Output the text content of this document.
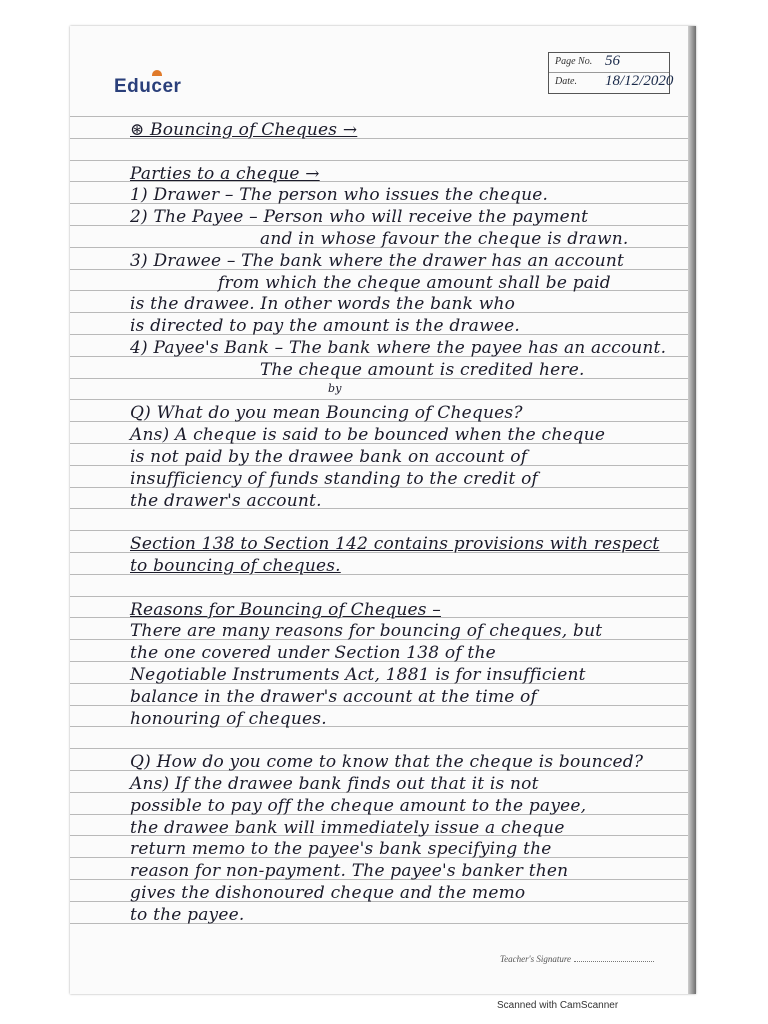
Educer
Page No. 56
Date. 18/12/2020
Teacher's Signature
⊛ Bouncing of Cheques →
Parties to a cheque →
1) Drawer – The person who issues the cheque.
2) The Payee – Person who will receive the payment
and in whose favour the cheque is drawn.
3) Drawee – The bank where the drawer has an account
from which the cheque amount shall be paid
is the drawee. In other words the bank who
is directed to pay the amount is the drawee.
4) Payee's Bank – The bank where the payee has an account.
The cheque amount is credited here.
by
Q) What do you mean Bouncing of Cheques?
Ans) A cheque is said to be bounced when the cheque
is not paid by the drawee bank on account of
insufficiency of funds standing to the credit of
the drawer's account.
Section 138 to Section 142 contains provisions with respect
to bouncing of cheques.
Reasons for Bouncing of Cheques –
There are many reasons for bouncing of cheques, but
the one covered under Section 138 of the
Negotiable Instruments Act, 1881 is for insufficient
balance in the drawer's account at the time of
honouring of cheques.
Q) How do you come to know that the cheque is bounced?
Ans) If the drawee bank finds out that it is not
possible to pay off the cheque amount to the payee,
the drawee bank will immediately issue a cheque
return memo to the payee's bank specifying the
reason for non-payment. The payee's banker then
gives the dishonoured cheque and the memo
to the payee.
Scanned with CamScanner
